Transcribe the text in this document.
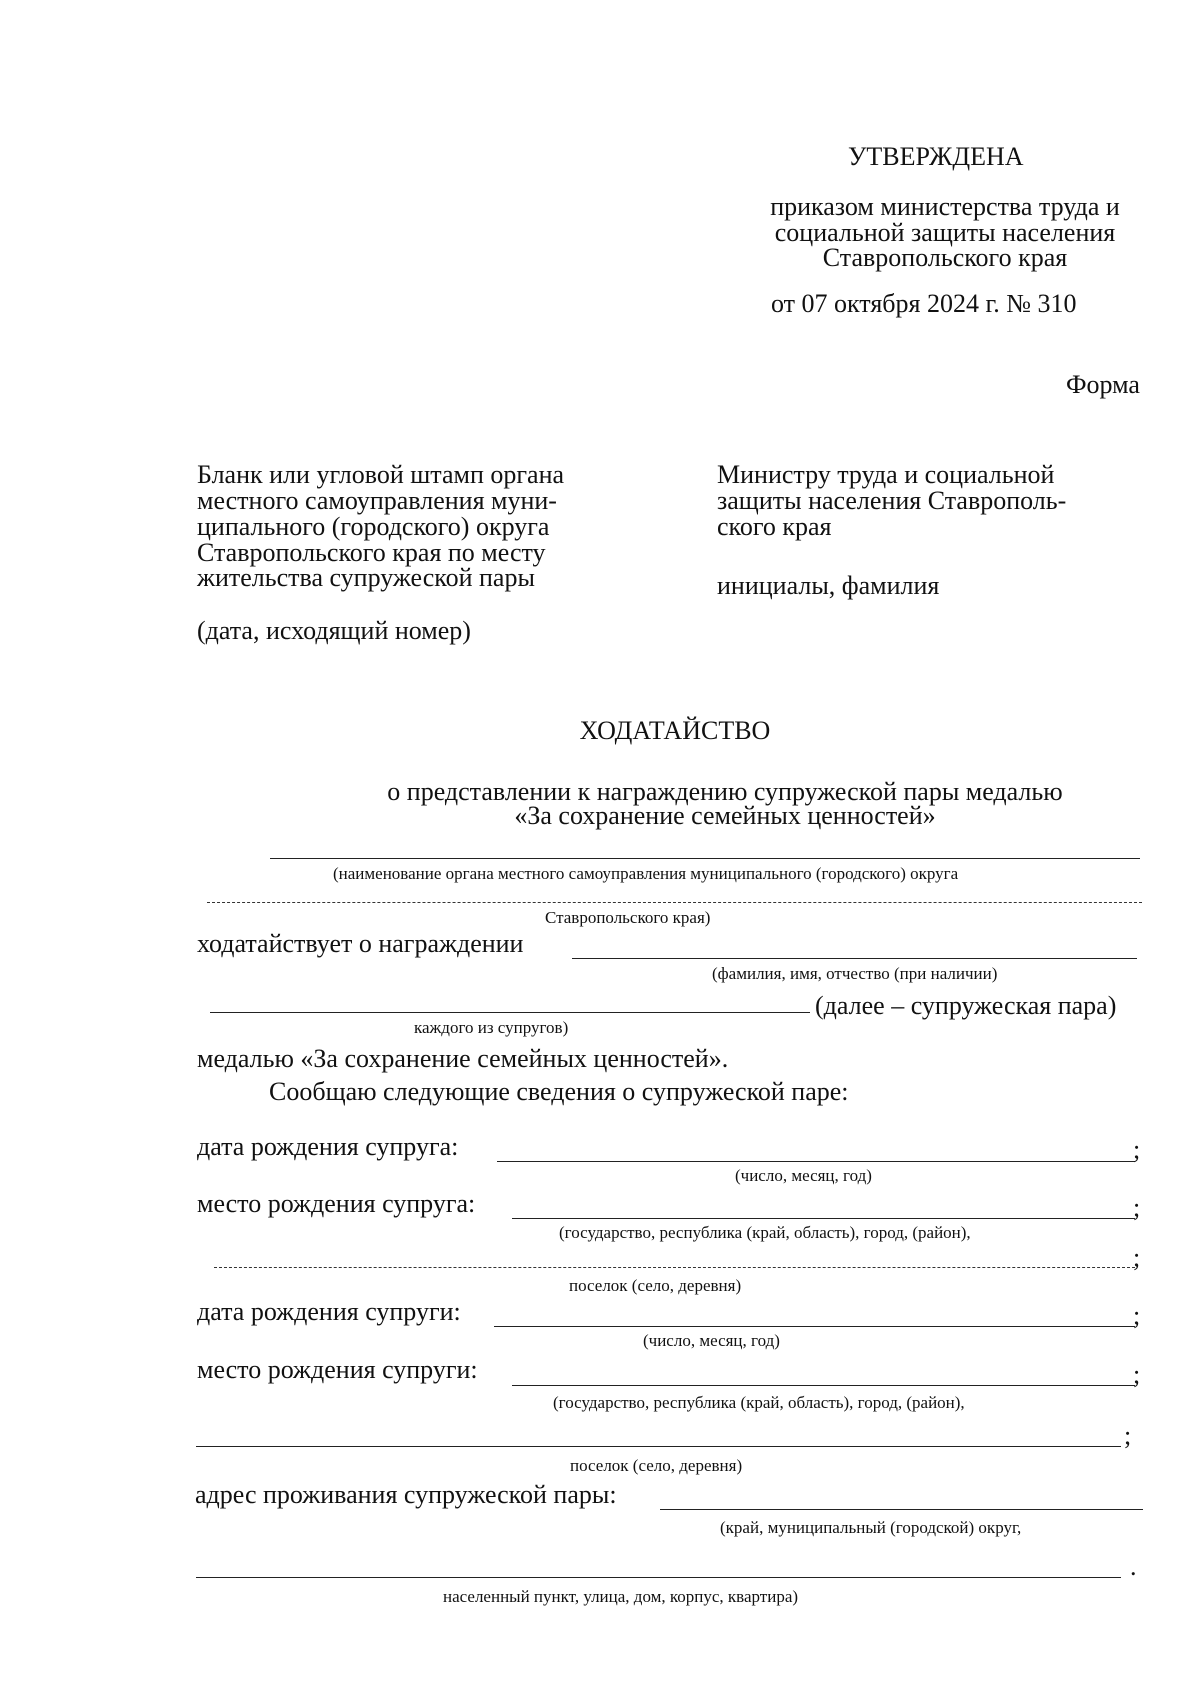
УТВЕРЖДЕНА
приказом министерства труда и
социальной защиты населения
Ставропольского края
от 07 октября 2024 г. № 310
Форма
Бланк или угловой штамп органа
местного самоуправления муни-
ципального (городского) округа
Ставропольского края по месту
жительства супружеской пары
(дата, исходящий номер)
Министру труда и социальной
защиты населения Ставрополь-
ского края
инициалы, фамилия
ХОДАТАЙСТВО
о представлении к награждению супружеской пары медалью
«За сохранение семейных ценностей»
(наименование органа местного самоуправления муниципального (городского) округа
Ставропольского края)
ходатайствует о награждении
(фамилия, имя, отчество (при наличии)
(далее – супружеская пара)
каждого из супругов)
медалью «За сохранение семейных ценностей».
Сообщаю следующие сведения о супружеской паре:
дата рождения супруга:	;
(число, месяц, год)
место рождения супруга:	;
(государство, республика (край, область), город, (район),
;
поселок (село, деревня)
дата рождения супруги:	;
(число, месяц, год)
место рождения супруги:	;
(государство, республика (край, область), город, (район),
;
поселок (село, деревня)
адрес проживания супружеской пары:
(край, муниципальный (городской) округ,
.
населенный пункт, улица, дом, корпус, квартира)
